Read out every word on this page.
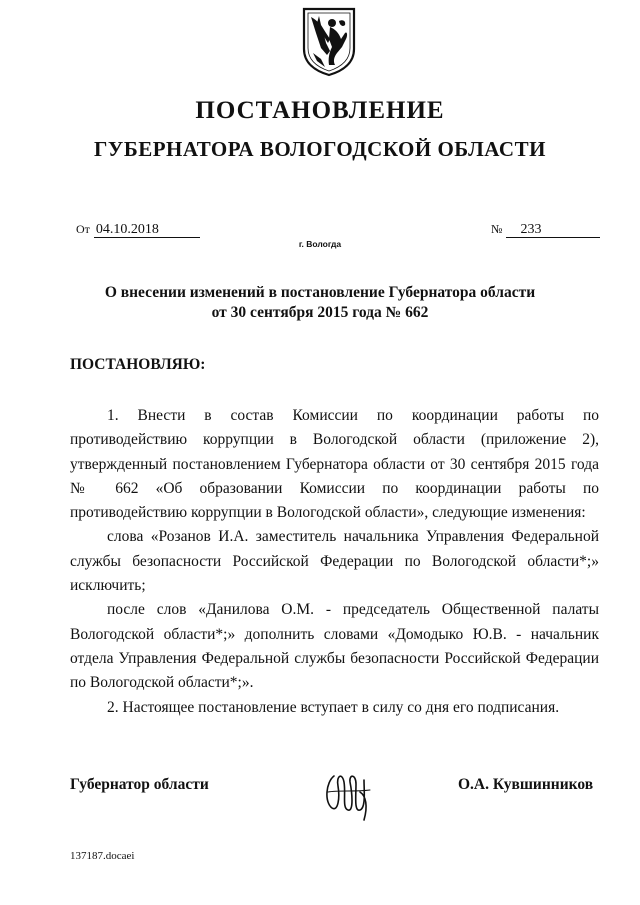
ПОСТАНОВЛЕНИЕ
ГУБЕРНАТОРА ВОЛОГОДСКОЙ ОБЛАСТИ
От 04.10.2018	№ 233
г. Вологда
О внесении изменений в постановление Губернатора области
от 30 сентября 2015 года № 662
ПОСТАНОВЛЯЮ:

1. Внести в состав Комиссии по координации работы по противодействию коррупции в Вологодской области (приложение 2), утвержденный постановлением Губернатора области от 30 сентября 2015 года № 662 «Об образовании Комиссии по координации работы по противодействию коррупции в Вологодской области», следующие изменения:

слова «Розанов И.А. заместитель начальника Управления Федеральной службы безопасности Российской Федерации по Вологодской области*;» исключить;

после слов «Данилова О.М. - председатель Общественной палаты Вологодской области*;» дополнить словами «Домодыко Ю.В. - начальник отдела Управления Федеральной службы безопасности Российской Федерации по Вологодской области*;».

2. Настоящее постановление вступает в силу со дня его подписания.

Губернатор области	О.А. Кувшинников
137187.docaei
